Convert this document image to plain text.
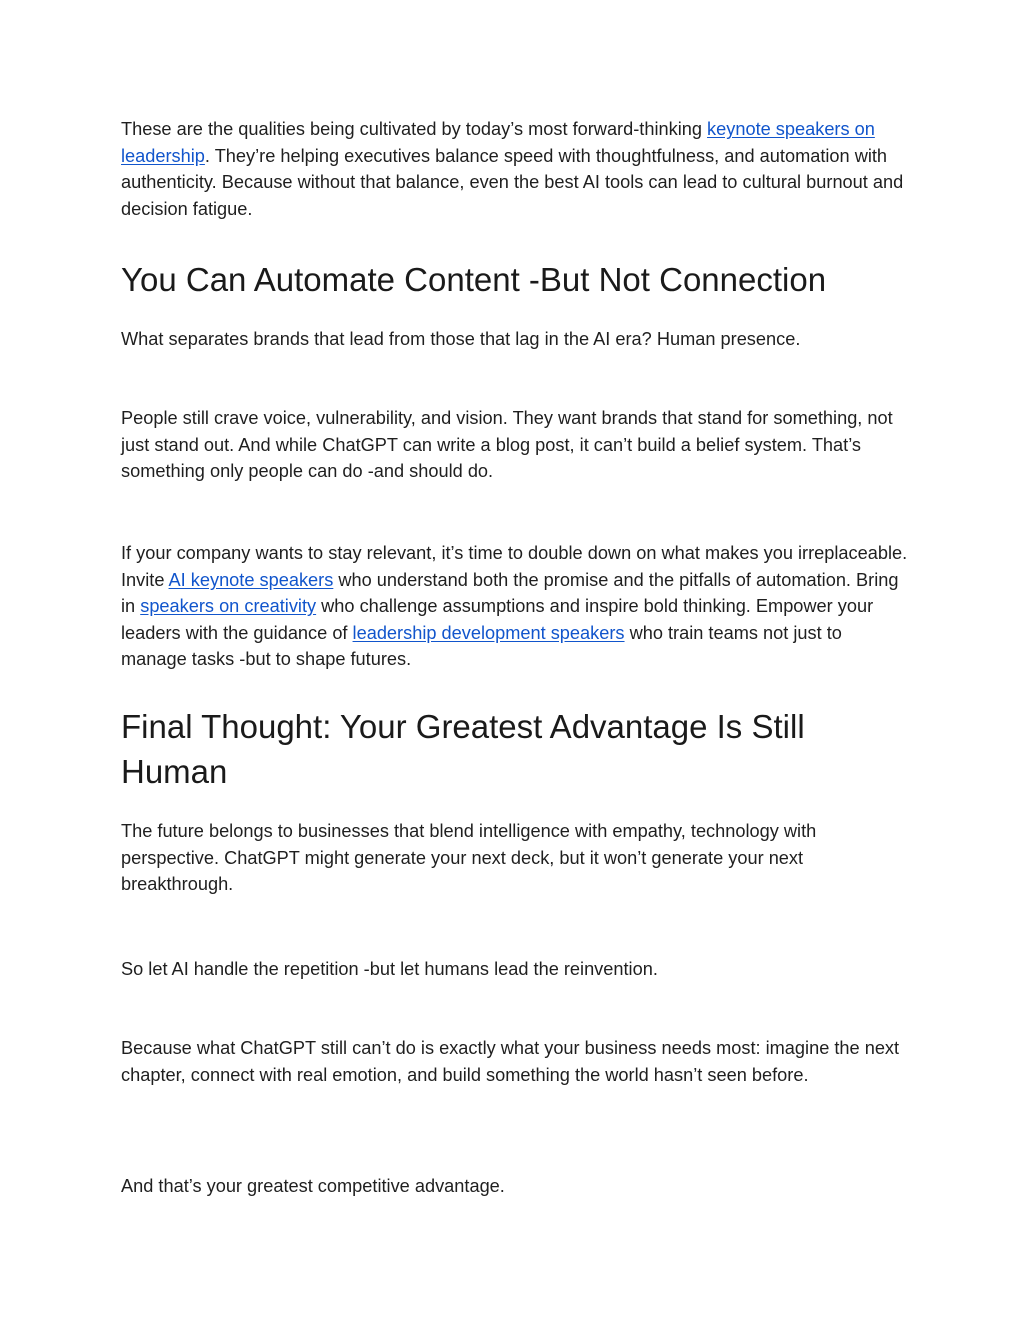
These are the qualities being cultivated by today’s most forward-thinking keynote speakers on leadership. They’re helping executives balance speed with thoughtfulness, and automation with authenticity. Because without that balance, even the best AI tools can lead to cultural burnout and decision fatigue.

You Can Automate Content -But Not Connection

What separates brands that lead from those that lag in the AI era? Human presence.

People still crave voice, vulnerability, and vision. They want brands that stand for something, not just stand out. And while ChatGPT can write a blog post, it can’t build a belief system. That’s something only people can do -and should do.

If your company wants to stay relevant, it’s time to double down on what makes you irreplaceable. Invite AI keynote speakers who understand both the promise and the pitfalls of automation. Bring in speakers on creativity who challenge assumptions and inspire bold thinking. Empower your leaders with the guidance of leadership development speakers who train teams not just to manage tasks -but to shape futures.

Final Thought: Your Greatest Advantage Is Still Human

The future belongs to businesses that blend intelligence with empathy, technology with perspective. ChatGPT might generate your next deck, but it won’t generate your next breakthrough.

So let AI handle the repetition -but let humans lead the reinvention.

Because what ChatGPT still can’t do is exactly what your business needs most: imagine the next chapter, connect with real emotion, and build something the world hasn’t seen before.

And that’s your greatest competitive advantage.
